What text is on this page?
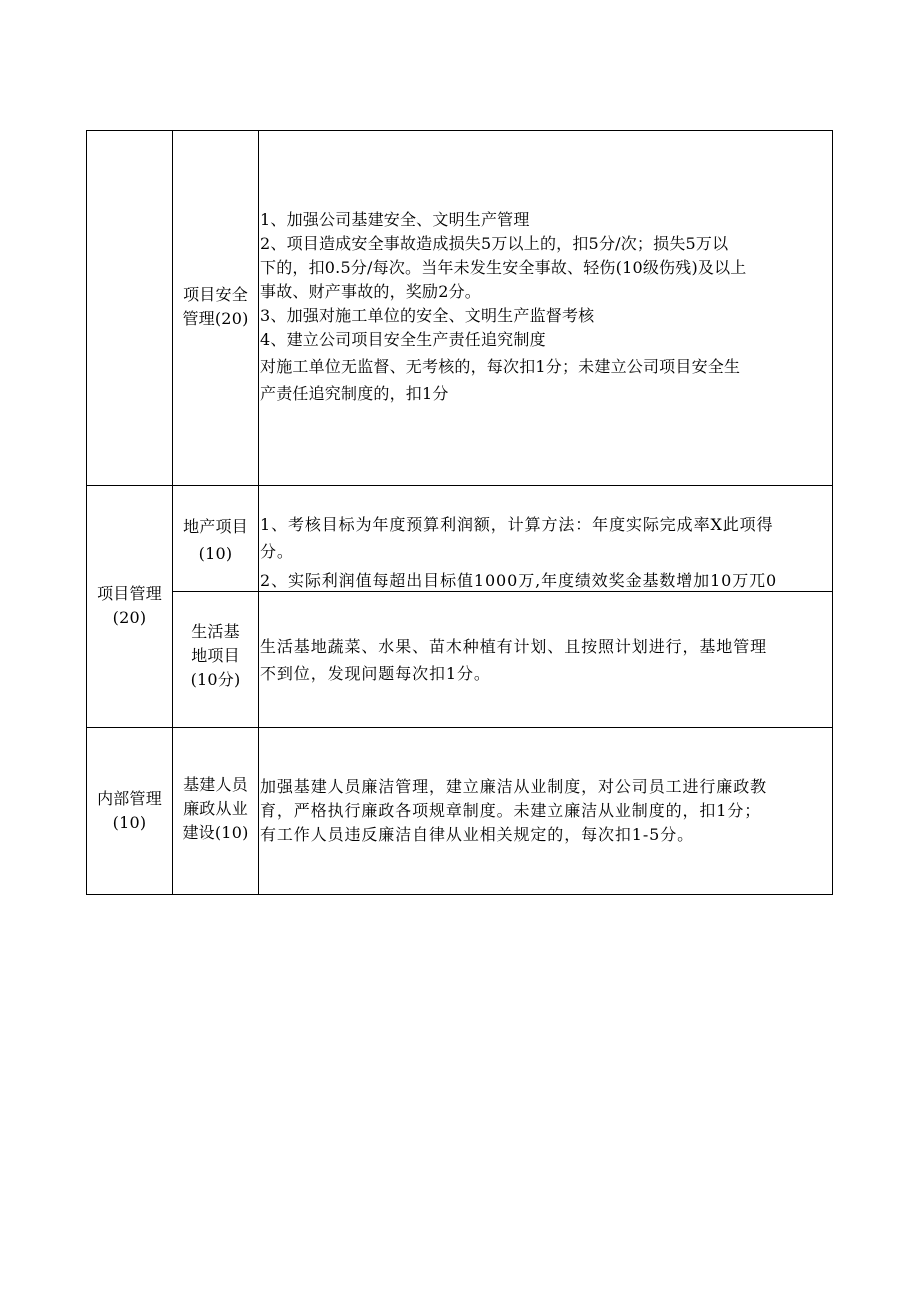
项目安全
管理(20)
1、加强公司基建安全、文明生产管理
2、项目造成安全事故造成损失5万以上的，扣5分/次；损失5万以
下的，扣0.5分/每次。当年未发生安全事故、轻伤(10级伤残)及以上
事故、财产事故的，奖励2分。
3、加强对施工单位的安全、文明生产监督考核
4、建立公司项目安全生产责任追究制度
对施工单位无监督、无考核的，每次扣1分；未建立公司项目安全生
产责任追究制度的，扣1分
项目管理
(20)
地产项目
(10)
1、考核目标为年度预算利润额，计算方法：年度实际完成率X此项得
分。
2、实际利润值每超出目标值1000万,年度绩效奖金基数增加10万兀0
生活基
地项目
(10分)
生活基地蔬菜、水果、苗木种植有计划、且按照计划进行，基地管理
不到位，发现问题每次扣1分。
内部管理
(10)
基建人员
廉政从业
建设(10)
加强基建人员廉洁管理，建立廉洁从业制度，对公司员工进行廉政教
育，严格执行廉政各项规章制度。未建立廉洁从业制度的，扣1分；
有工作人员违反廉洁自律从业相关规定的，每次扣1-5分。
